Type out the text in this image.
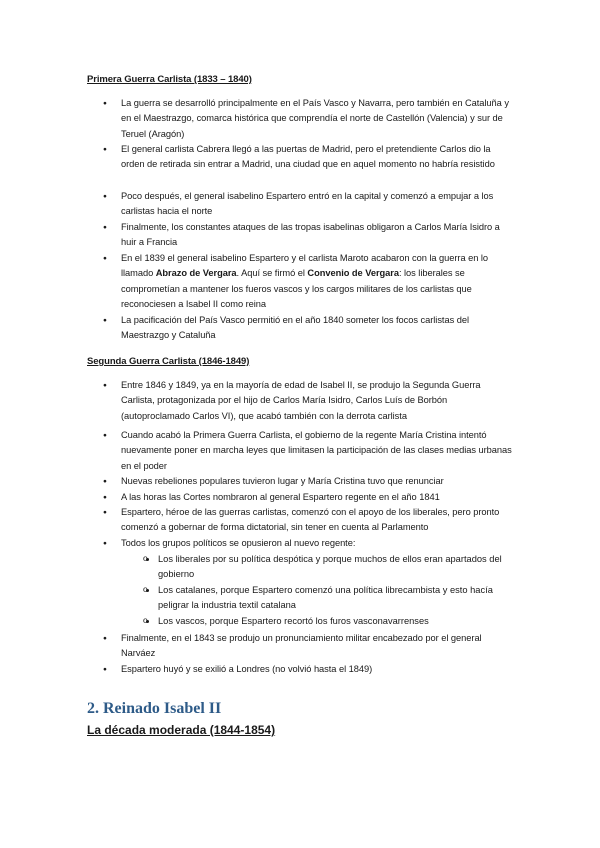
Primera Guerra Carlista (1833 – 1840)
● La guerra se desarrolló principalmente en el País Vasco y Navarra, pero también en Cataluña y en el Maestrazgo, comarca histórica que comprendía el norte de Castellón (Valencia) y sur de Teruel (Aragón)
● El general carlista Cabrera llegó a las puertas de Madrid, pero el pretendiente Carlos dio la orden de retirada sin entrar a Madrid, una ciudad que en aquel momento no habría resistido
● Poco después, el general isabelino Espartero entró en la capital y comenzó a empujar a los carlistas hacia el norte
● Finalmente, los constantes ataques de las tropas isabelinas obligaron a Carlos María Isidro a huir a Francia
● En el 1839 el general isabelino Espartero y el carlista Maroto acabaron con la guerra en lo llamado Abrazo de Vergara. Aquí se firmó el Convenio de Vergara: los liberales se comprometían a mantener los fueros vascos y los cargos militares de los carlistas que reconociesen a Isabel II como reina
● La pacificación del País Vasco permitió en el año 1840 someter los focos carlistas del Maestrazgo y Cataluña
Segunda Guerra Carlista (1846-1849)
● Entre 1846 y 1849, ya en la mayoría de edad de Isabel II, se produjo la Segunda Guerra Carlista, protagonizada por el hijo de Carlos María Isidro, Carlos Luís de Borbón (autoproclamado Carlos VI), que acabó también con la derrota carlista
● Cuando acabó la Primera Guerra Carlista, el gobierno de la regente María Cristina intentó nuevamente poner en marcha leyes que limitasen la participación de las clases medias urbanas en el poder
● Nuevas rebeliones populares tuvieron lugar y María Cristina tuvo que renunciar
● A las horas las Cortes nombraron al general Espartero regente en el año 1841
● Espartero, héroe de las guerras carlistas, comenzó con el apoyo de los liberales, pero pronto comenzó a gobernar de forma dictatorial, sin tener en cuenta al Parlamento
● Todos los grupos políticos se opusieron al nuevo regente:
● Finalmente, en el 1843 se produjo un pronunciamiento militar encabezado por el general Narváez
● Espartero huyó y se exilió a Londres (no volvió hasta el 1849)
o • Los liberales por su política despótica y porque muchos de ellos eran apartados del gobierno
o • Los catalanes, porque Espartero comenzó una política librecambista y esto hacía peligrar la industria textil catalana
o • Los vascos, porque Espartero recortó los furos vasconavarrenses
2. Reinado Isabel II
La década moderada (1844-1854)
